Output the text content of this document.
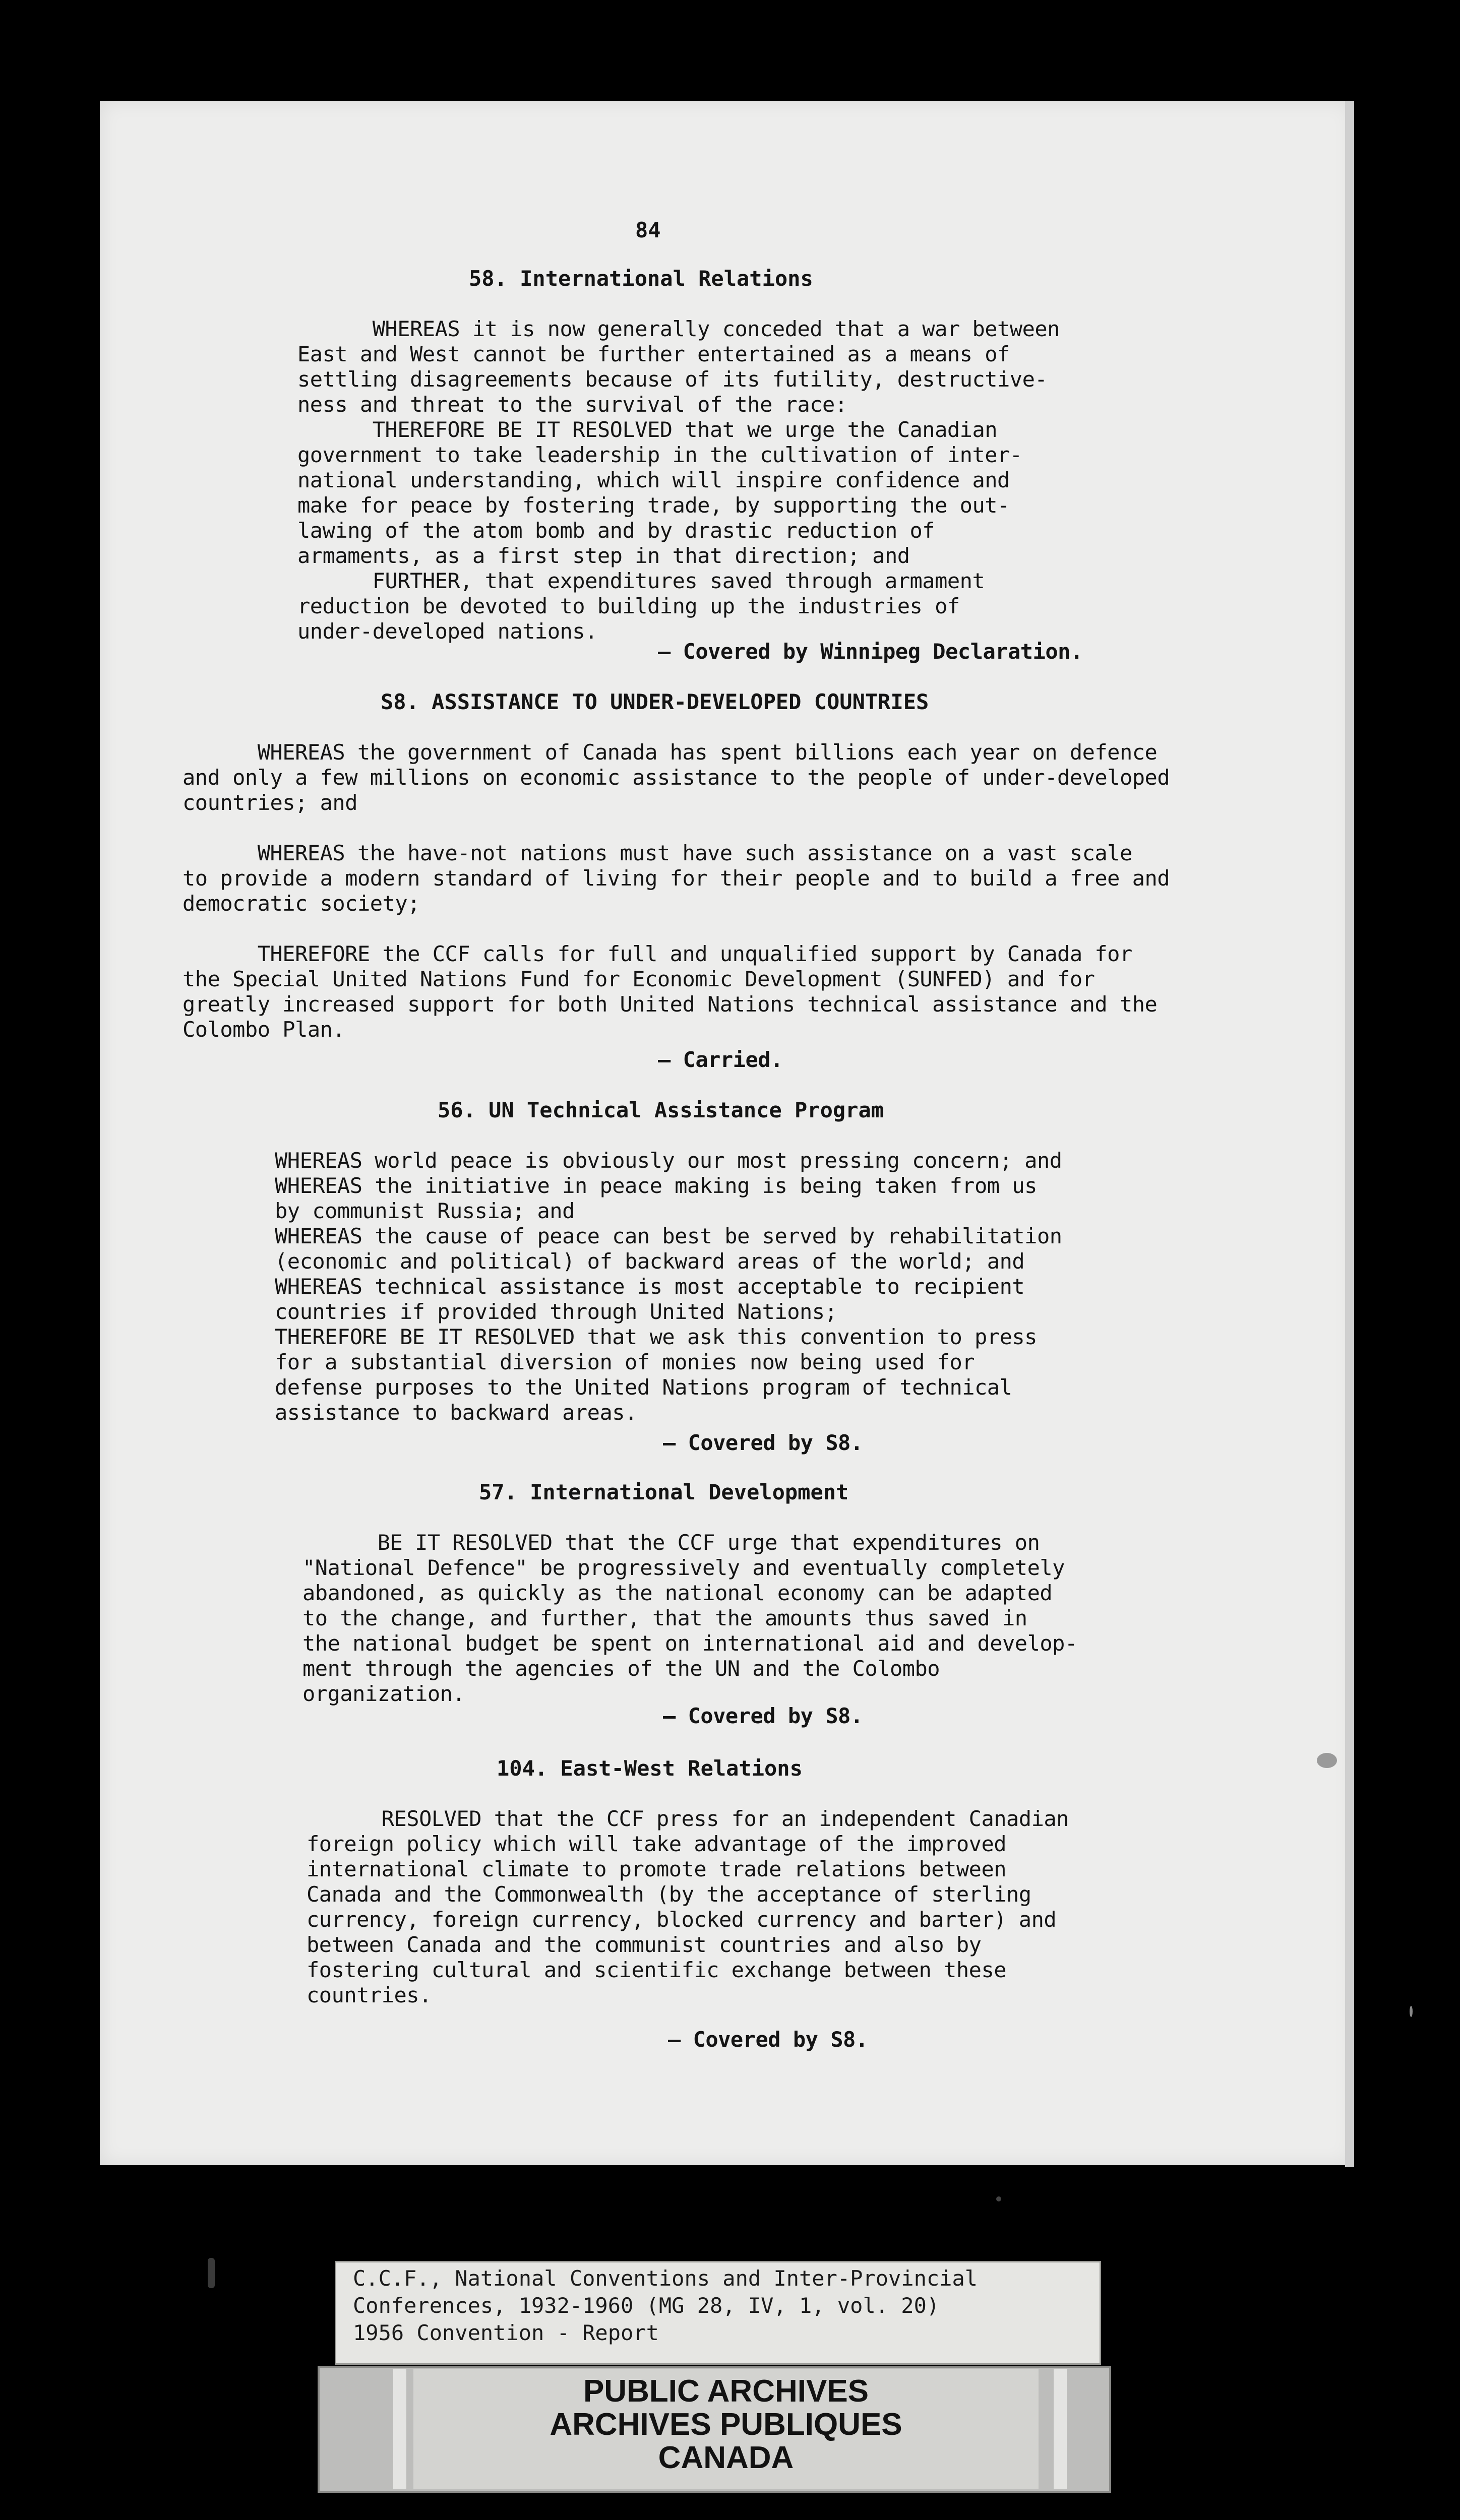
84
58. International Relations
WHEREAS it is now generally conceded that a war between
East and West cannot be further entertained as a means of
settling disagreements because of its futility, destructive-
ness and threat to the survival of the race:
THEREFORE BE IT RESOLVED that we urge the Canadian
government to take leadership in the cultivation of inter-
national understanding, which will inspire confidence and
make for peace by fostering trade, by supporting the out-
lawing of the atom bomb and by drastic reduction of
armaments, as a first step in that direction; and
FURTHER, that expenditures saved through armament
reduction be devoted to building up the industries of
under-developed nations.
— Covered by Winnipeg Declaration.
S8. ASSISTANCE TO UNDER-DEVELOPED COUNTRIES
WHEREAS the government of Canada has spent billions each year on defence
and only a few millions on economic assistance to the people of under-developed
countries; and
WHEREAS the have-not nations must have such assistance on a vast scale
to provide a modern standard of living for their people and to build a free and
democratic society;
THEREFORE the CCF calls for full and unqualified support by Canada for
the Special United Nations Fund for Economic Development (SUNFED) and for
greatly increased support for both United Nations technical assistance and the
Colombo Plan.
— Carried.
56. UN Technical Assistance Program
WHEREAS world peace is obviously our most pressing concern; and
WHEREAS the initiative in peace making is being taken from us
by communist Russia; and
WHEREAS the cause of peace can best be served by rehabilitation
(economic and political) of backward areas of the world; and
WHEREAS technical assistance is most acceptable to recipient
countries if provided through United Nations;
THEREFORE BE IT RESOLVED that we ask this convention to press
for a substantial diversion of monies now being used for
defense purposes to the United Nations program of technical
assistance to backward areas.
— Covered by S8.
57. International Development
BE IT RESOLVED that the CCF urge that expenditures on
"National Defence" be progressively and eventually completely
abandoned, as quickly as the national economy can be adapted
to the change, and further, that the amounts thus saved in
the national budget be spent on international aid and develop-
ment through the agencies of the UN and the Colombo
organization.
— Covered by S8.
104. East-West Relations
RESOLVED that the CCF press for an independent Canadian
foreign policy which will take advantage of the improved
international climate to promote trade relations between
Canada and the Commonwealth (by the acceptance of sterling
currency, foreign currency, blocked currency and barter) and
between Canada and the communist countries and also by
fostering cultural and scientific exchange between these
countries.
— Covered by S8.
C.C.F., National Conventions and Inter-Provincial
Conferences, 1932-1960 (MG 28, IV, 1, vol. 20)
1956 Convention - Report
PUBLIC ARCHIVES
ARCHIVES PUBLIQUES
CANADA
